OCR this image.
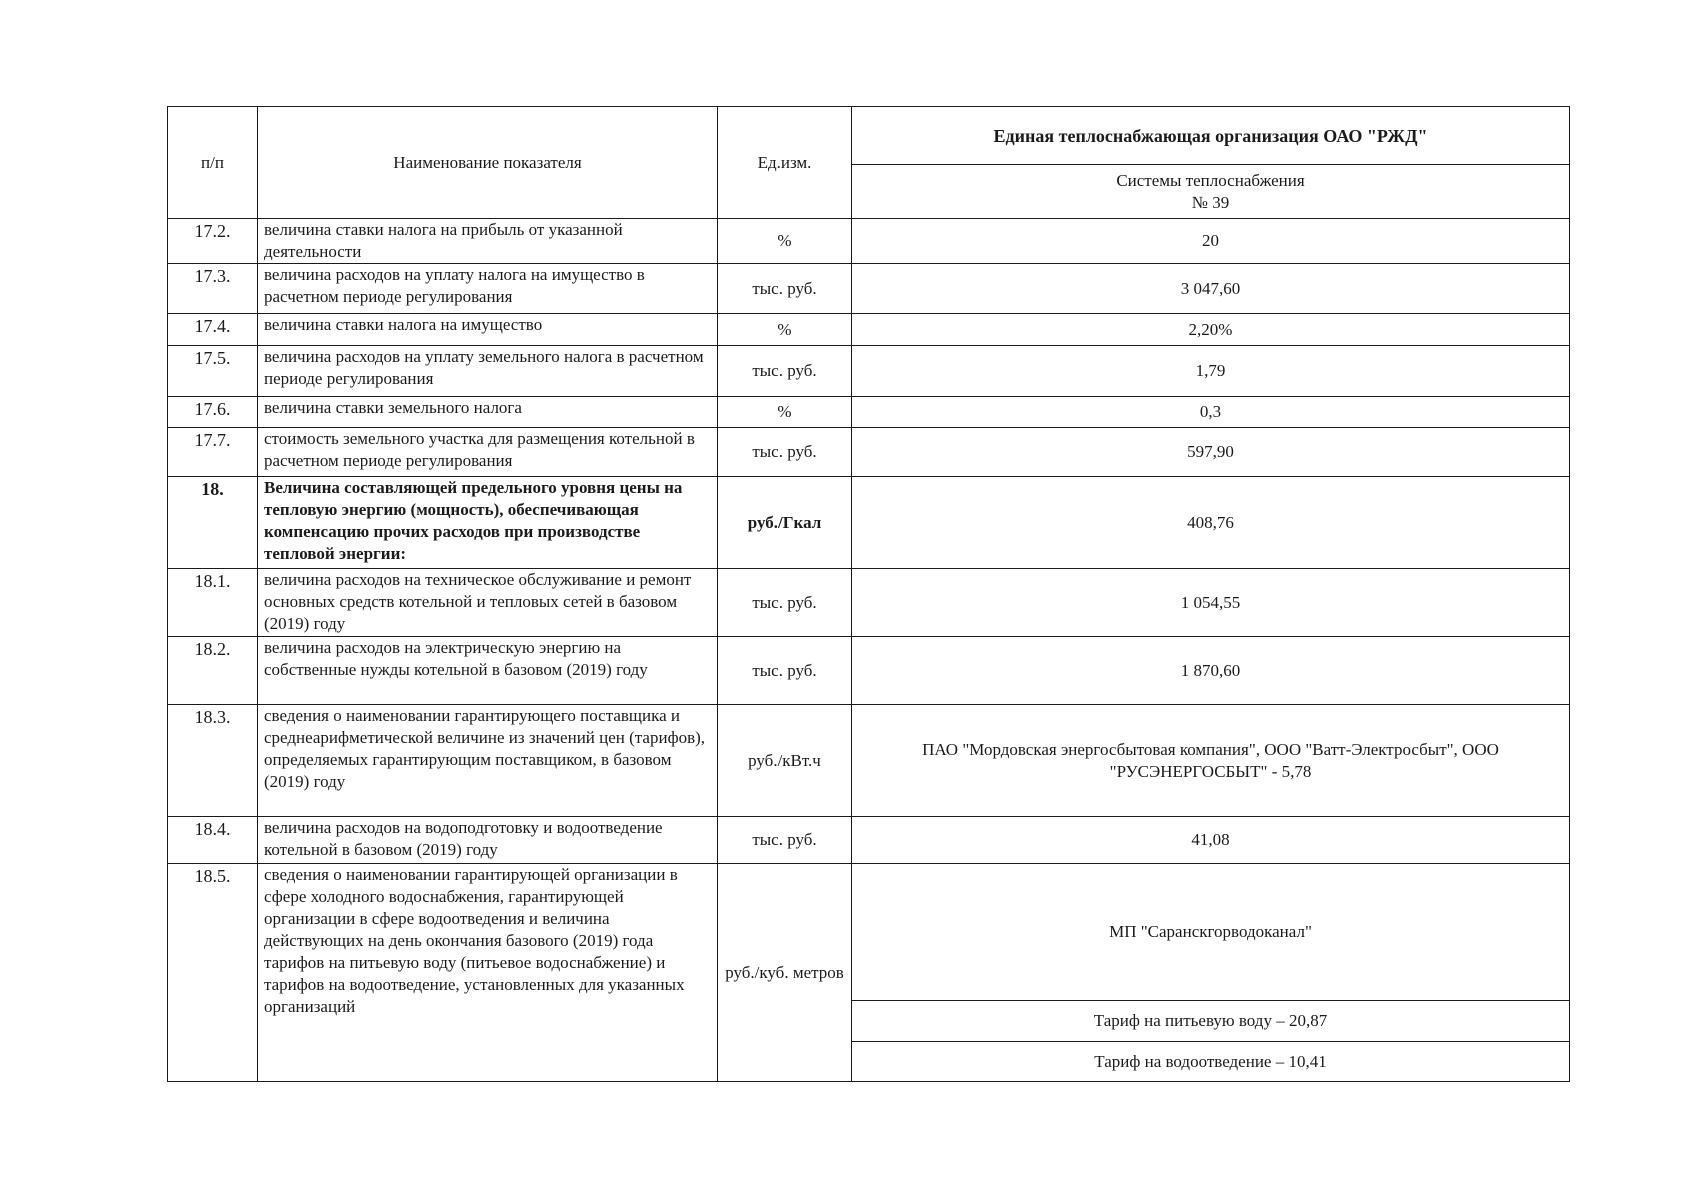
п/п	Наименование показателя	Ед.изм.	Единая теплоснабжающая организация ОАО "РЖД"

			Системы теплоснабжения
№ 39

17.2.	величина ставки налога на прибыль от указанной деятельности	%	20
17.3.	величина расходов на уплату налога на имущество в расчетном периоде регулирования	тыс. руб.	3 047,60
17.4.	величина ставки налога на имущество	%	2,20%
17.5.	величина расходов на уплату земельного налога в расчетном периоде регулирования	тыс. руб.	1,79
17.6.	величина ставки земельного налога	%	0,3
17.7.	стоимость земельного участка для размещения котельной в расчетном периоде регулирования	тыс. руб.	597,90
18.	Величина составляющей предельного уровня цены на тепловую энергию (мощность), обеспечивающая компенсацию прочих расходов при производстве тепловой энергии:	руб./Гкал	408,76
18.1.	величина расходов на техническое обслуживание и ремонт основных средств котельной и тепловых сетей в базовом (2019) году	тыс. руб.	1 054,55
18.2.	величина расходов на электрическую энергию на собственные нужды котельной в базовом (2019) году	тыс. руб.	1 870,60
18.3.	сведения о наименовании гарантирующего поставщика и среднеарифметической величине из значений цен (тарифов), определяемых гарантирующим поставщиком, в базовом (2019) году	руб./кВт.ч	ПАО "Мордовская энергосбытовая компания", ООО "Ватт-Электросбыт", ООО "РУСЭНЕРГОСБЫТ" - 5,78
18.4.	величина расходов на водоподготовку и водоотведение котельной в базовом (2019) году	тыс. руб.	41,08
18.5.	сведения о наименовании гарантирующей организации в сфере холодного водоснабжения, гарантирующей организации в сфере водоотведения и величина действующих на день окончания базового (2019) года тарифов на питьевую воду (питьевое водоснабжение) и тарифов на водоотведение, установленных для указанных организаций	руб./куб. метров	МП "Саранскгорводоканал"
			Тариф на питьевую воду – 20,87
			Тариф на водоотведение – 10,41
